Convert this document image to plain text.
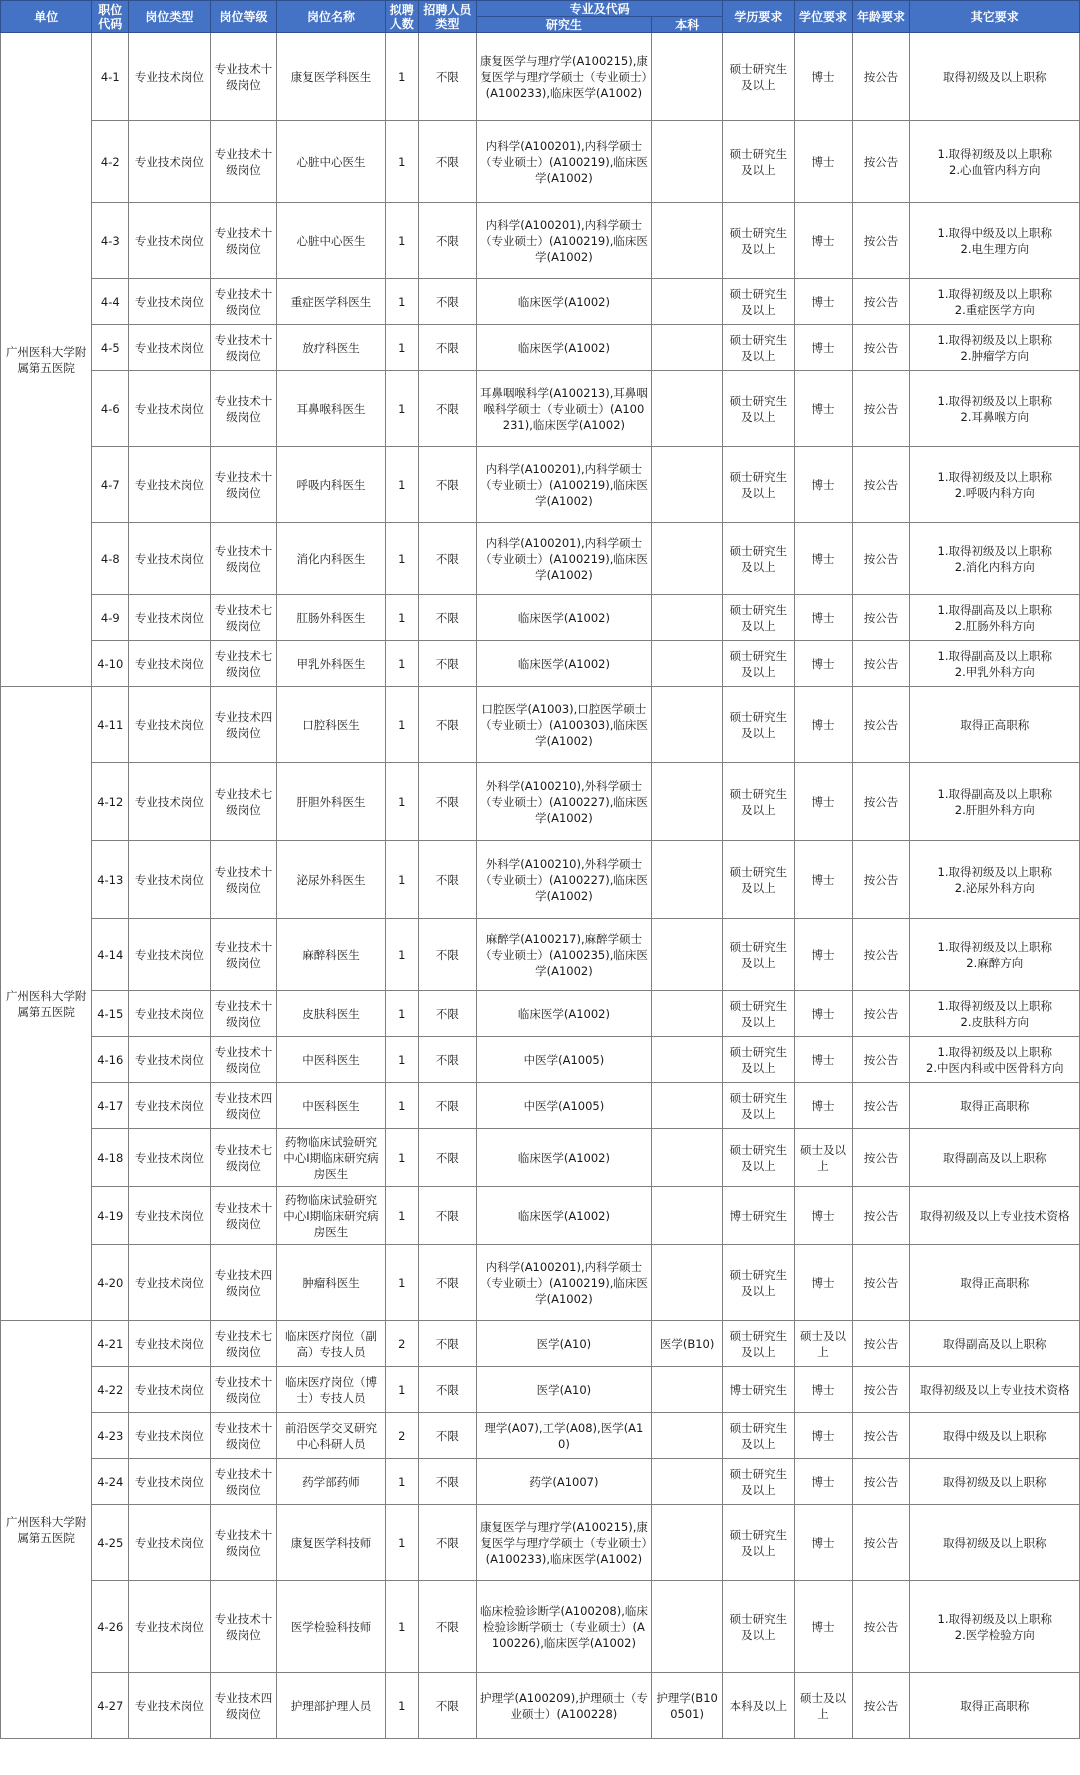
单位	职位代码	岗位类型	岗位等级	岗位名称	拟聘人数	招聘人员类型	专业及代码		学历要求	学位要求	年龄要求	其它要求
							研究生	本科				
广州医科大学附属第五医院	4-1	专业技术岗位	专业技术十级岗位	康复医学科医生	1	不限	康复医学与理疗学(A100215),康复医学与理疗学硕士（专业硕士）(A100233),临床医学(A1002)		硕士研究生及以上	博士	按公告	取得初级及以上职称
	4-2	专业技术岗位	专业技术十级岗位	心脏中心医生	1	不限	内科学(A100201),内科学硕士（专业硕士）(A100219),临床医学(A1002)		硕士研究生及以上	博士	按公告	1.取得初级及以上职称
2.心血管内科方向
	4-3	专业技术岗位	专业技术十级岗位	心脏中心医生	1	不限	内科学(A100201),内科学硕士（专业硕士）(A100219),临床医学(A1002)		硕士研究生及以上	博士	按公告	1.取得中级及以上职称
2.电生理方向
	4-4	专业技术岗位	专业技术十级岗位	重症医学科医生	1	不限	临床医学(A1002)		硕士研究生及以上	博士	按公告	1.取得初级及以上职称
2.重症医学方向
	4-5	专业技术岗位	专业技术十级岗位	放疗科医生	1	不限	临床医学(A1002)		硕士研究生及以上	博士	按公告	1.取得初级及以上职称
2.肿瘤学方向
	4-6	专业技术岗位	专业技术十级岗位	耳鼻喉科医生	1	不限	耳鼻咽喉科学(A100213),耳鼻咽喉科学硕士（专业硕士）(A100231),临床医学(A1002)		硕士研究生及以上	博士	按公告	1.取得初级及以上职称
2.耳鼻喉方向
	4-7	专业技术岗位	专业技术十级岗位	呼吸内科医生	1	不限	内科学(A100201),内科学硕士（专业硕士）(A100219),临床医学(A1002)		硕士研究生及以上	博士	按公告	1.取得初级及以上职称
2.呼吸内科方向
	4-8	专业技术岗位	专业技术十级岗位	消化内科医生	1	不限	内科学(A100201),内科学硕士（专业硕士）(A100219),临床医学(A1002)		硕士研究生及以上	博士	按公告	1.取得初级及以上职称
2.消化内科方向
	4-9	专业技术岗位	专业技术七级岗位	肛肠外科医生	1	不限	临床医学(A1002)		硕士研究生及以上	博士	按公告	1.取得副高及以上职称
2.肛肠外科方向
	4-10	专业技术岗位	专业技术七级岗位	甲乳外科医生	1	不限	临床医学(A1002)		硕士研究生及以上	博士	按公告	1.取得副高及以上职称
2.甲乳外科方向
广州医科大学附属第五医院	4-11	专业技术岗位	专业技术四级岗位	口腔科医生	1	不限	口腔医学(A1003),口腔医学硕士（专业硕士）(A100303),临床医学(A1002)		硕士研究生及以上	博士	按公告	取得正高职称
	4-12	专业技术岗位	专业技术七级岗位	肝胆外科医生	1	不限	外科学(A100210),外科学硕士（专业硕士）(A100227),临床医学(A1002)		硕士研究生及以上	博士	按公告	1.取得副高及以上职称
2.肝胆外科方向
	4-13	专业技术岗位	专业技术十级岗位	泌尿外科医生	1	不限	外科学(A100210),外科学硕士（专业硕士）(A100227),临床医学(A1002)		硕士研究生及以上	博士	按公告	1.取得初级及以上职称
2.泌尿外科方向
	4-14	专业技术岗位	专业技术十级岗位	麻醉科医生	1	不限	麻醉学(A100217),麻醉学硕士（专业硕士）(A100235),临床医学(A1002)		硕士研究生及以上	博士	按公告	1.取得初级及以上职称
2.麻醉方向
	4-15	专业技术岗位	专业技术十级岗位	皮肤科医生	1	不限	临床医学(A1002)		硕士研究生及以上	博士	按公告	1.取得初级及以上职称
2.皮肤科方向
	4-16	专业技术岗位	专业技术十级岗位	中医科医生	1	不限	中医学(A1005)		硕士研究生及以上	博士	按公告	1.取得初级及以上职称
2.中医内科或中医骨科方向
	4-17	专业技术岗位	专业技术四级岗位	中医科医生	1	不限	中医学(A1005)		硕士研究生及以上	博士	按公告	取得正高职称
	4-18	专业技术岗位	专业技术七级岗位	药物临床试验研究中心I期临床研究病房医生	1	不限	临床医学(A1002)		硕士研究生及以上	硕士及以上	按公告	取得副高及以上职称
	4-19	专业技术岗位	专业技术十级岗位	药物临床试验研究中心I期临床研究病房医生	1	不限	临床医学(A1002)		博士研究生	博士	按公告	取得初级及以上专业技术资格
	4-20	专业技术岗位	专业技术四级岗位	肿瘤科医生	1	不限	内科学(A100201),内科学硕士（专业硕士）(A100219),临床医学(A1002)		硕士研究生及以上	博士	按公告	取得正高职称
广州医科大学附属第五医院	4-21	专业技术岗位	专业技术七级岗位	临床医疗岗位（副高）专技人员	2	不限	医学(A10)	医学(B10)	硕士研究生及以上	硕士及以上	按公告	取得副高及以上职称
	4-22	专业技术岗位	专业技术十级岗位	临床医疗岗位（博士）专技人员	1	不限	医学(A10)		博士研究生	博士	按公告	取得初级及以上专业技术资格
	4-23	专业技术岗位	专业技术十级岗位	前沿医学交叉研究中心科研人员	2	不限	理学(A07),工学(A08),医学(A10)		硕士研究生及以上	博士	按公告	取得中级及以上职称
	4-24	专业技术岗位	专业技术十级岗位	药学部药师	1	不限	药学(A1007)		硕士研究生及以上	博士	按公告	取得初级及以上职称
	4-25	专业技术岗位	专业技术十级岗位	康复医学科技师	1	不限	康复医学与理疗学(A100215),康复医学与理疗学硕士（专业硕士）(A100233),临床医学(A1002)		硕士研究生及以上	博士	按公告	取得初级及以上职称
	4-26	专业技术岗位	专业技术十级岗位	医学检验科技师	1	不限	临床检验诊断学(A100208),临床检验诊断学硕士（专业硕士）(A100226),临床医学(A1002)		硕士研究生及以上	博士	按公告	1.取得初级及以上职称
2.医学检验方向
	4-27	专业技术岗位	专业技术四级岗位	护理部护理人员	1	不限	护理学(A100209),护理硕士（专业硕士）(A100228)	护理学(B100501)	本科及以上	硕士及以上	按公告	取得正高职称
